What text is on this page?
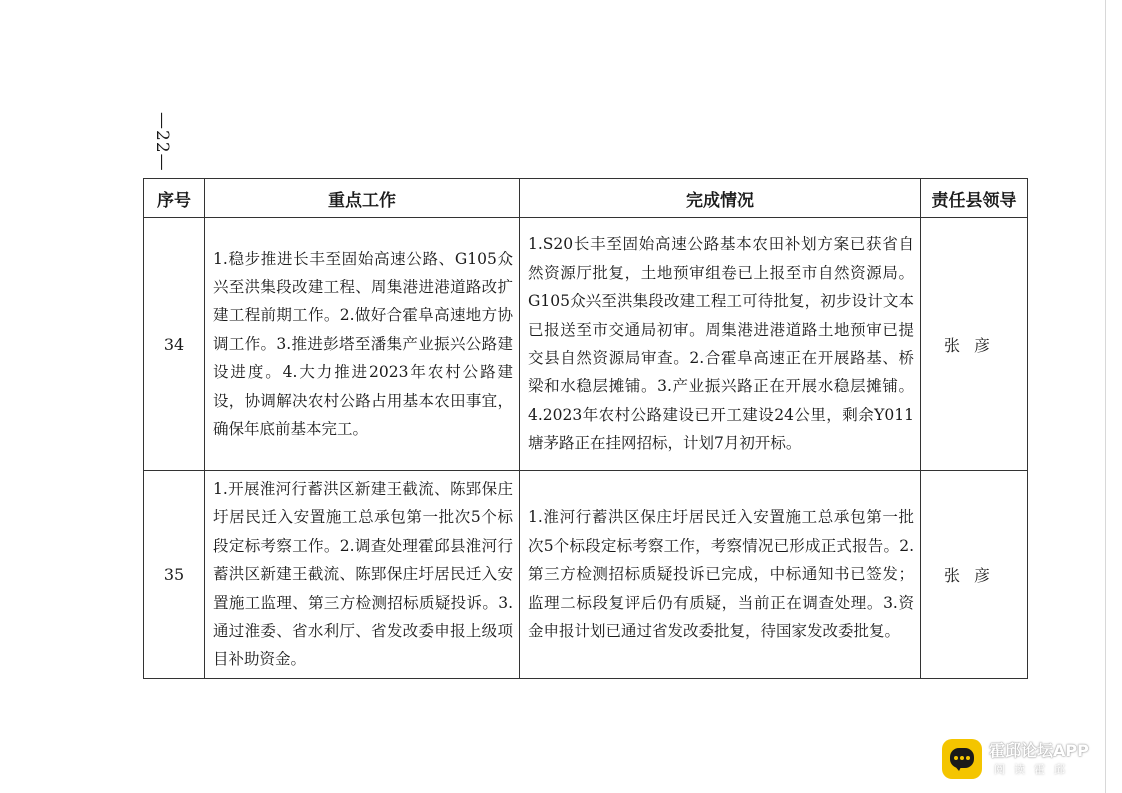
—22—
序号	重点工作	完成情况	责任县领导
34	1.稳步推进长丰至固始高速公路、G105众兴至洪集段改建工程、周集港进港道路改扩建工程前期工作。2.做好合霍阜高速地方协调工作。3.推进彭塔至潘集产业振兴公路建设进度。4.大力推进2023年农村公路建设，协调解决农村公路占用基本农田事宜，确保年底前基本完工。	1.S20长丰至固始高速公路基本农田补划方案已获省自然资源厅批复，土地预审组卷已上报至市自然资源局。G105众兴至洪集段改建工程工可待批复，初步设计文本已报送至市交通局初审。周集港进港道路土地预审已提交县自然资源局审查。2.合霍阜高速正在开展路基、桥梁和水稳层摊铺。3.产业振兴路正在开展水稳层摊铺。4.2023年农村公路建设已开工建设24公里，剩余Y011塘茅路正在挂网招标，计划7月初开标。	张彦
35	1.开展淮河行蓄洪区新建王截流、陈郢保庄圩居民迁入安置施工总承包第一批次5个标段定标考察工作。2.调查处理霍邱县淮河行蓄洪区新建王截流、陈郢保庄圩居民迁入安置施工监理、第三方检测招标质疑投诉。3.通过淮委、省水利厅、省发改委申报上级项目补助资金。	1.淮河行蓄洪区保庄圩居民迁入安置施工总承包第一批次5个标段定标考察工作，考察情况已形成正式报告。2.第三方检测招标质疑投诉已完成，中标通知书已签发；监理二标段复评后仍有质疑，当前正在调查处理。3.资金申报计划已通过省发改委批复，待国家发改委批复。	张彦
霍邱论坛APP
阅读霍邱
